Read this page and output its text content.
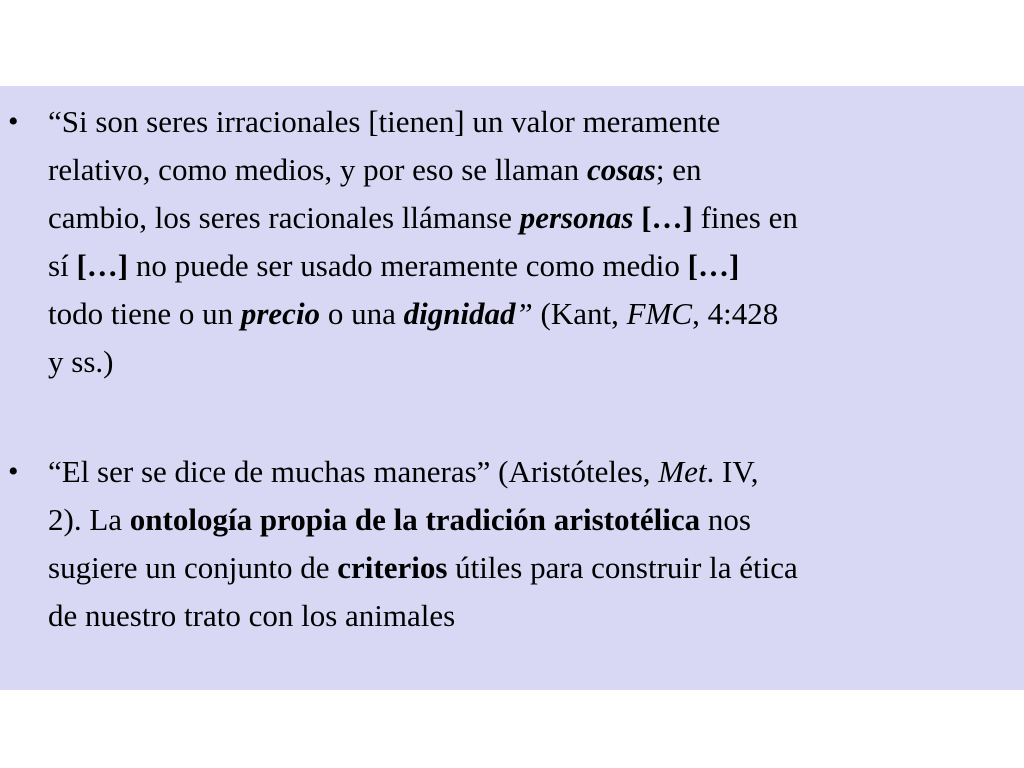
• “Si son seres irracionales [tienen] un valor meramente
relativo, como medios, y por eso se llaman cosas; en
cambio, los seres racionales llámanse personas […] fines en
sí […] no puede ser usado meramente como medio […]
todo tiene o un precio o una dignidad” (Kant, FMC, 4:428
y ss.)
• “El ser se dice de muchas maneras” (Aristóteles, Met. IV,
2). La ontología propia de la tradición aristotélica nos
sugiere un conjunto de criterios útiles para construir la ética
de nuestro trato con los animales
